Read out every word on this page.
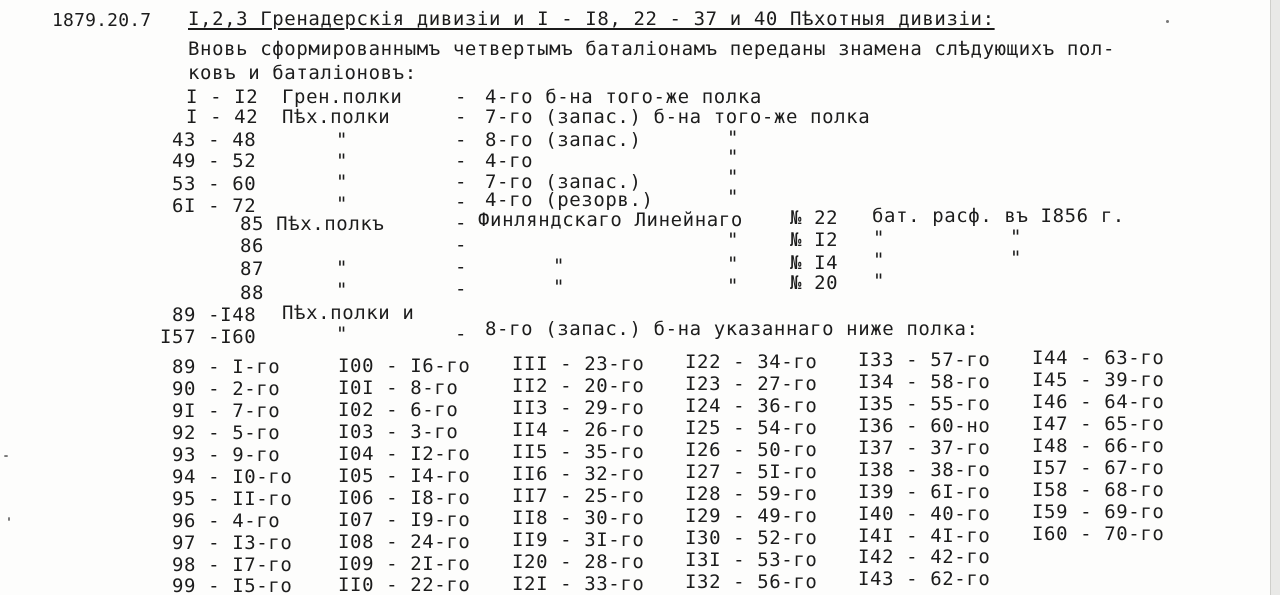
1879.20.7 I,2,3 Гренадерскія дивизіи и I - I8, 22 - 37 и 40 Пѣхотныя дивизіи:
Вновь сформированнымъ четвертымъ баталіонамъ переданы знамена слѣдующихъ пол-
ковъ и баталіоновъ:
I - I2 Грен.полки	- 4-го б-на того-же полка
I - 42 Пѣх.полки	- 7-го (запас.) б-на того-же полка
43 - 48	"	- 8-го (запас.)	"
49 - 52	"	- 4-го	"
53 - 60	"	- 7-го (запас.)	"
6I - 72	"	- 4-го (резорв.)	"
85 Пѣх.полкъ	- Финляндскаго Линейнаго № 22 бат. расф. въ I856 г.
86	-	"	№ I2 "	"
87	"	-	"	"	№ I4 "	"
88	"	-	"	"	№ 20 "
89 -I48 Пѣх.полки и
I57 -I60	"	- 8-го (запас.) б-на указаннаго ниже полка:
89 - I-го
90 - 2-го
9I - 7-го
92 - 5-го
93 - 9-го
94 - I0-го
95 - II-го
96 - 4-го
97 - I3-го
98 - I7-го
99 - I5-го
I00 - I6-го
I0I - 8-го
I02 - 6-го
I03 - 3-го
I04 - I2-го
I05 - I4-го
I06 - I8-го
I07 - I9-го
I08 - 24-го
I09 - 2I-го
II0 - 22-го
III - 23-го
II2 - 20-го
II3 - 29-го
II4 - 26-го
II5 - 35-го
II6 - 32-го
II7 - 25-го
II8 - 30-го
II9 - 3I-го
I20 - 28-го
I2I - 33-го
I22 - 34-го
I23 - 27-го
I24 - 36-го
I25 - 54-го
I26 - 50-го
I27 - 5I-го
I28 - 59-го
I29 - 49-го
I30 - 52-го
I3I - 53-го
I32 - 56-го
I33 - 57-го
I34 - 58-го
I35 - 55-го
I36 - 60-но
I37 - 37-го
I38 - 38-го
I39 - 6I-го
I40 - 40-го
I4I - 4I-го
I42 - 42-го
I43 - 62-го
I44 - 63-го
I45 - 39-го
I46 - 64-го
I47 - 65-го
I48 - 66-го
I57 - 67-го
I58 - 68-го
I59 - 69-го
I60 - 70-го
